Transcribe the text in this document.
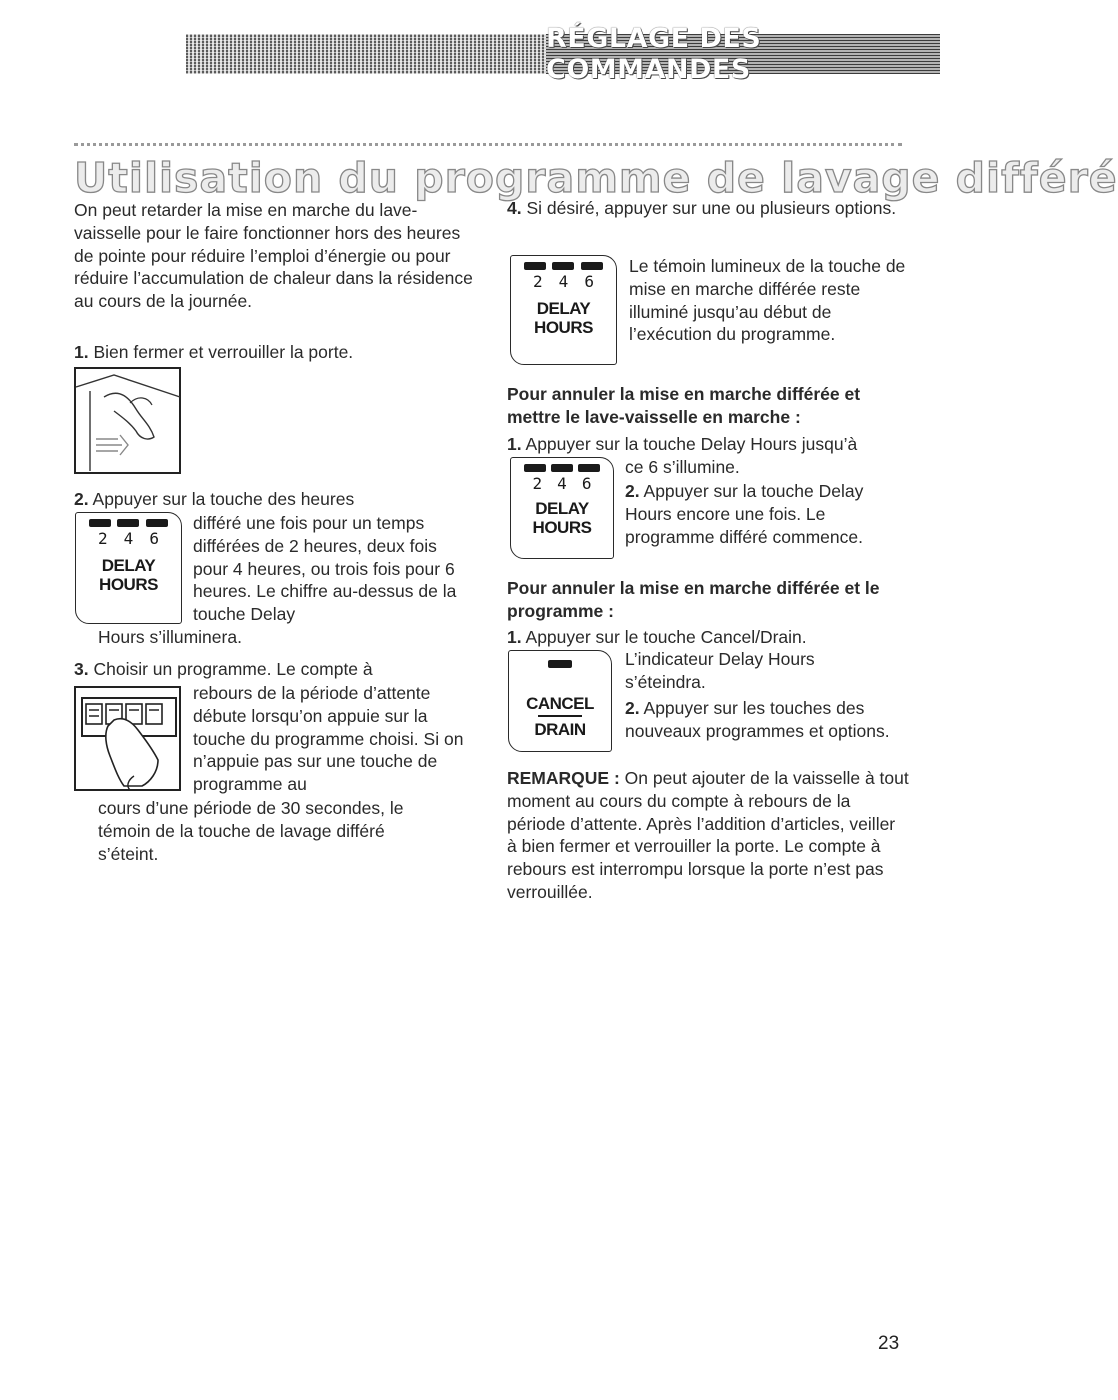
RÉGLAGE DES COMMANDES
Utilisation du programme de lavage différé
On peut retarder la mise en marche du lave-vaisselle pour le faire fonctionner hors des heures de pointe pour réduire l’emploi d’énergie ou pour réduire l’accumulation de chaleur dans la résidence au cours de la journée.
1. Bien fermer et verrouiller la porte.
2. Appuyer sur la touche des heures
2 4 6
DELAY
HOURS
différé une fois pour un temps différées de 2 heures, deux fois pour 4 heures, ou trois fois pour 6 heures. Le chiffre au-dessus de la touche Delay
Hours s’illuminera.
3. Choisir un programme. Le compte à
rebours de la période d’attente débute lorsqu’on appuie sur la touche du programme choisi. Si on n’appuie pas sur une touche de programme au
cours d’une période de 30 secondes, le témoin de la touche de lavage différé s’éteint.
4. Si désiré, appuyer sur une ou plusieurs options.
2 4 6
DELAY
HOURS
Le témoin lumineux de la touche de mise en marche différée reste illuminé jusqu’au début de l’exécution du programme.
Pour annuler la mise en marche différée et mettre le lave-vaisselle en marche :
1. Appuyer sur la touche Delay Hours jusqu’à
2 4 6
DELAY
HOURS
ce 6 s’illumine.
2. Appuyer sur la touche Delay Hours encore une fois. Le programme différé commence.
Pour annuler la mise en marche différée et le programme :
1. Appuyer sur le touche Cancel/Drain.
CANCEL
DRAIN
L’indicateur Delay Hours s’éteindra.
2. Appuyer sur les touches des nouveaux programmes et options.
REMARQUE : On peut ajouter de la vaisselle à tout moment au cours du compte à rebours de la période d’attente. Après l’addition d’articles, veiller à bien fermer et verrouiller la porte. Le compte à rebours est interrompu lorsque la porte n’est pas verrouillée.
23
